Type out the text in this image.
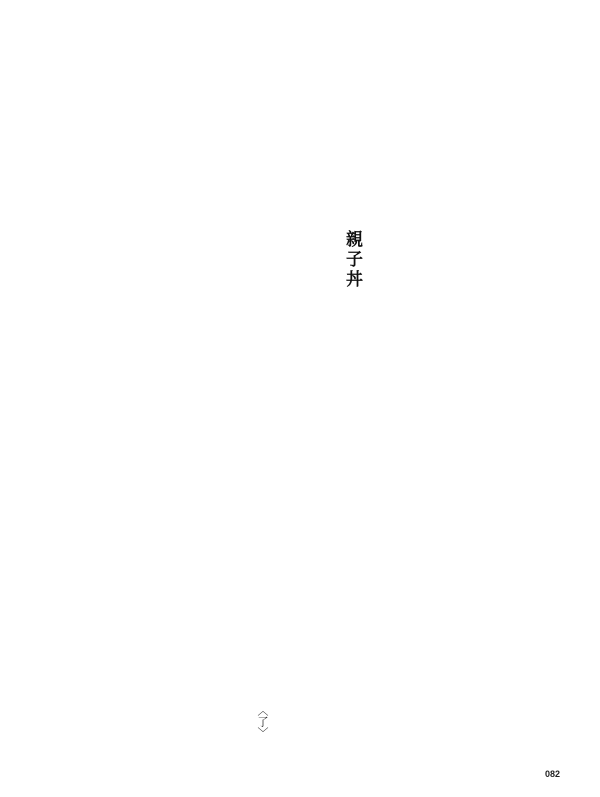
親子丼
〈了〉
082
